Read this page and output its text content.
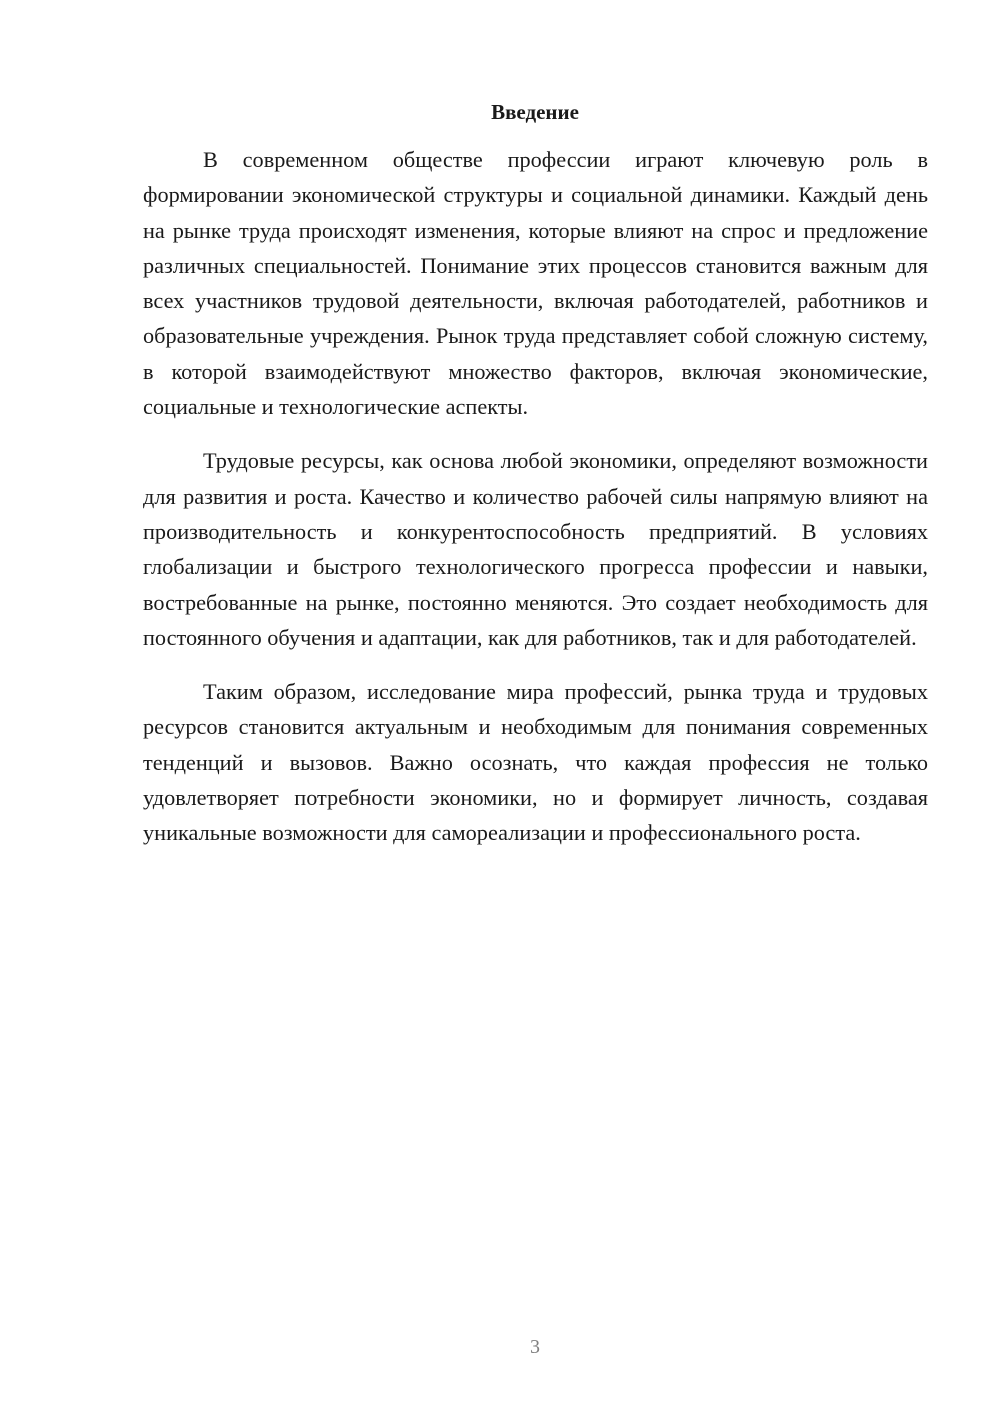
Введение

В современном обществе профессии играют ключевую роль в формировании экономической структуры и социальной динамики. Каждый день на рынке труда происходят изменения, которые влияют на спрос и предложение различных специальностей. Понимание этих процессов становится важным для всех участников трудовой деятельности, включая работодателей, работников и образовательные учреждения. Рынок труда представляет собой сложную систему, в которой взаимодействуют множество факторов, включая экономические, социальные и технологические аспекты.

Трудовые ресурсы, как основа любой экономики, определяют возможности для развития и роста. Качество и количество рабочей силы напрямую влияют на производительность и конкурентоспособность предприятий. В условиях глобализации и быстрого технологического прогресса профессии и навыки, востребованные на рынке, постоянно меняются. Это создает необходимость для постоянного обучения и адаптации, как для работников, так и для работодателей.

Таким образом, исследование мира профессий, рынка труда и трудовых ресурсов становится актуальным и необходимым для понимания современных тенденций и вызовов. Важно осознать, что каждая профессия не только удовлетворяет потребности экономики, но и формирует личность, создавая уникальные возможности для самореализации и профессионального роста.

3
